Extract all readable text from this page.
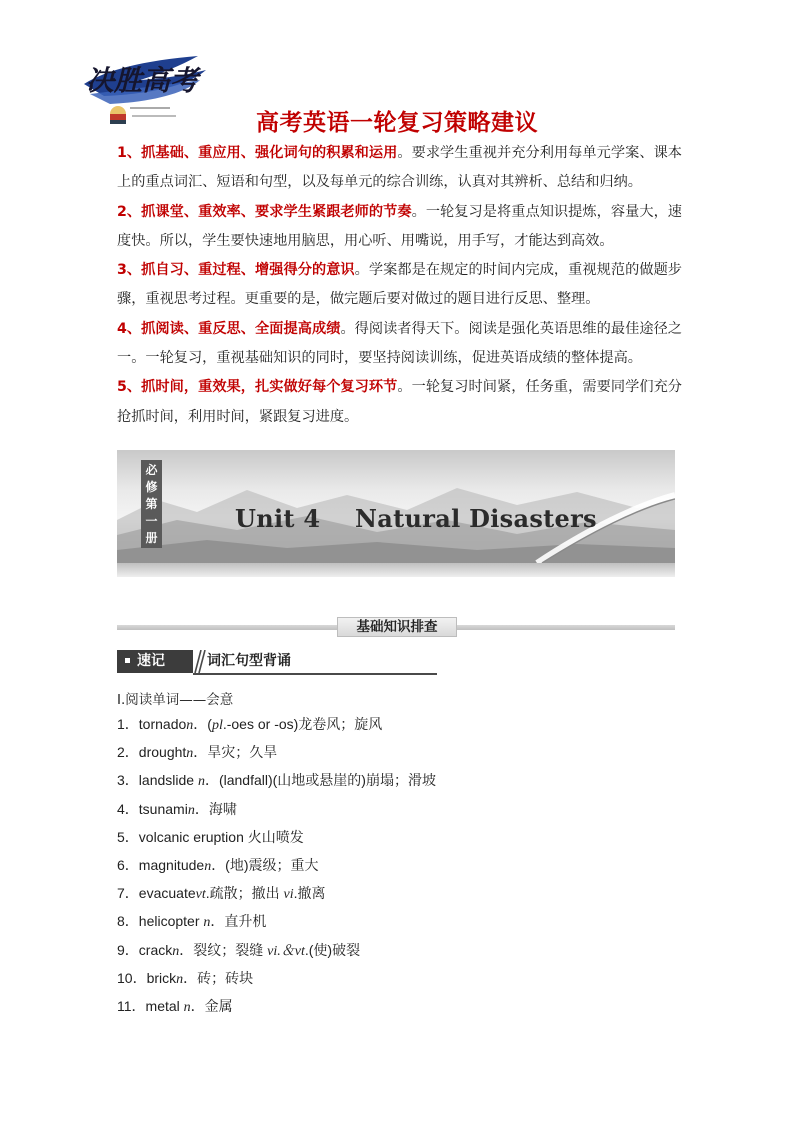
决胜高考
高考英语一轮复习策略建议

1、抓基础、重应用、强化词句的积累和运用。要求学生重视并充分利用每单元学案、课本上的重点词汇、短语和句型，以及每单元的综合训练，认真对其辨析、总结和归纳。

2、抓课堂、重效率、要求学生紧跟老师的节奏。一轮复习是将重点知识提炼，容量大，速度快。所以，学生要快速地用脑思，用心听、用嘴说，用手写，才能达到高效。

3、抓自习、重过程、增强得分的意识。学案都是在规定的时间内完成，重视规范的做题步骤，重视思考过程。更重要的是，做完题后要对做过的题目进行反思、整理。

4、抓阅读、重反思、全面提高成绩。得阅读者得天下。阅读是强化英语思维的最佳途径之一。一轮复习，重视基础知识的同时，要坚持阅读训练，促进英语成绩的整体提高。

5、抓时间，重效果，扎实做好每个复习环节。一轮复习时间紧，任务重，需要同学们充分抢抓时间，利用时间，紧跟复习进度。

必
修
第
一
册
Unit 4    Natural Disasters
基础知识排查
速记	词汇句型背诵
Ⅰ.阅读单词——会意
1．tornadon．(pl.-oes or -os)龙卷风；旋风
2．droughtn．旱灾；久旱
3．landslide n．(landfall)(山地或悬崖的)崩塌；滑坡
4．tsunamin．海啸
5．volcanic eruption 火山喷发
6．magnituden．(地)震级；重大
7．evacuatevt.疏散；撤出 vi.撤离
8．helicopter n．直升机
9．crackn．裂纹；裂缝 vi.＆vt.(使)破裂
10．brickn．砖；砖块
11．metal n．金属
